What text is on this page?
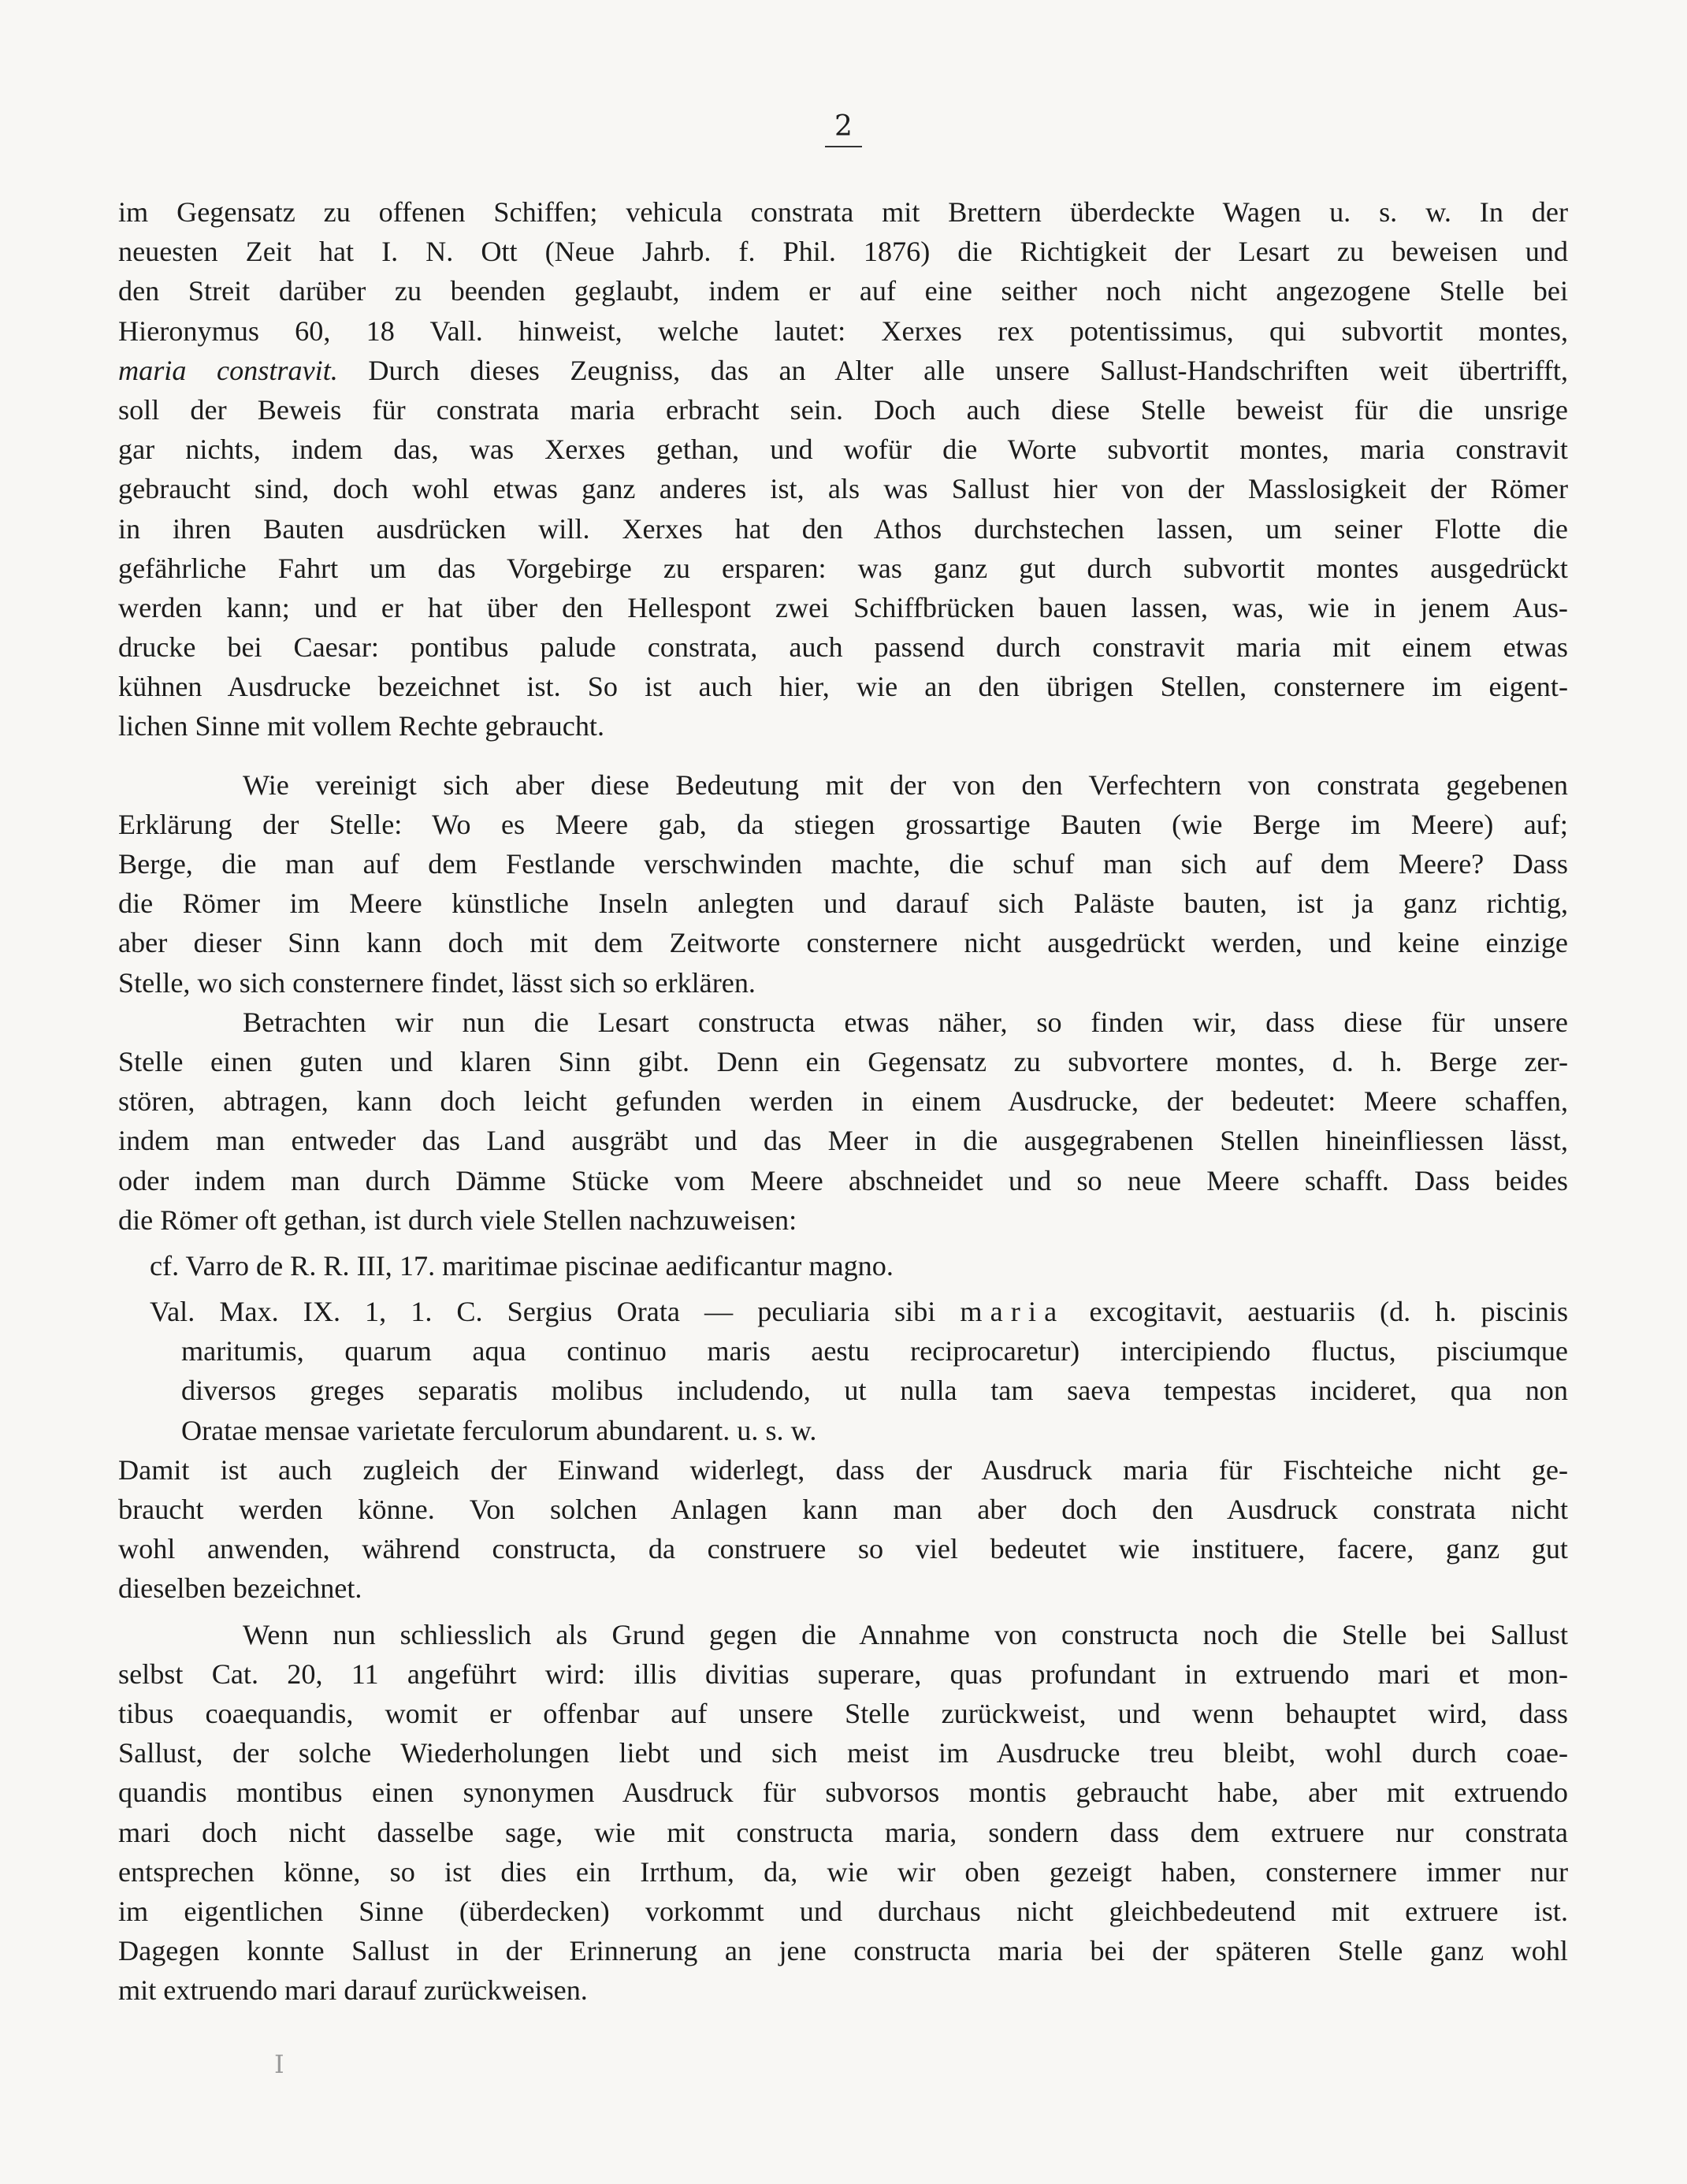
2
im Gegensatz zu offenen Schiffen; vehicula constrata mit Brettern überdeckte Wagen u. s. w. In der
neuesten Zeit hat I. N. Ott (Neue Jahrb. f. Phil. 1876) die Richtigkeit der Lesart zu beweisen und
den Streit darüber zu beenden geglaubt, indem er auf eine seither noch nicht angezogene Stelle bei
Hieronymus 60, 18 Vall. hinweist, welche lautet: Xerxes rex potentissimus, qui subvortit montes,
maria constravit. Durch dieses Zeugniss, das an Alter alle unsere Sallust-Handschriften weit übertrifft,
soll der Beweis für constrata maria erbracht sein. Doch auch diese Stelle beweist für die unsrige
gar nichts, indem das, was Xerxes gethan, und wofür die Worte subvortit montes, maria constravit
gebraucht sind, doch wohl etwas ganz anderes ist, als was Sallust hier von der Masslosigkeit der Römer
in ihren Bauten ausdrücken will. Xerxes hat den Athos durchstechen lassen, um seiner Flotte die
gefährliche Fahrt um das Vorgebirge zu ersparen: was ganz gut durch subvortit montes ausgedrückt
werden kann; und er hat über den Hellespont zwei Schiffbrücken bauen lassen, was, wie in jenem Aus-
drucke bei Caesar: pontibus palude constrata, auch passend durch constravit maria mit einem etwas
kühnen Ausdrucke bezeichnet ist. So ist auch hier, wie an den übrigen Stellen, consternere im eigent-
lichen Sinne mit vollem Rechte gebraucht.
Wie vereinigt sich aber diese Bedeutung mit der von den Verfechtern von constrata gegebenen
Erklärung der Stelle: Wo es Meere gab, da stiegen grossartige Bauten (wie Berge im Meere) auf;
Berge, die man auf dem Festlande verschwinden machte, die schuf man sich auf dem Meere? Dass
die Römer im Meere künstliche Inseln anlegten und darauf sich Paläste bauten, ist ja ganz richtig,
aber dieser Sinn kann doch mit dem Zeitworte consternere nicht ausgedrückt werden, und keine einzige
Stelle, wo sich consternere findet, lässt sich so erklären.
Betrachten wir nun die Lesart constructa etwas näher, so finden wir, dass diese für unsere
Stelle einen guten und klaren Sinn gibt. Denn ein Gegensatz zu subvortere montes, d. h. Berge zer-
stören, abtragen, kann doch leicht gefunden werden in einem Ausdrucke, der bedeutet: Meere schaffen,
indem man entweder das Land ausgräbt und das Meer in die ausgegrabenen Stellen hineinfliessen lässt,
oder indem man durch Dämme Stücke vom Meere abschneidet und so neue Meere schafft. Dass beides
die Römer oft gethan, ist durch viele Stellen nachzuweisen:
cf. Varro de R. R. III, 17. maritimae piscinae aedificantur magno.
Val. Max. IX. 1, 1. C. Sergius Orata — peculiaria sibi maria excogitavit, aestuariis (d. h. piscinis
maritumis, quarum aqua continuo maris aestu reciprocaretur) intercipiendo fluctus, pisciumque
diversos greges separatis molibus includendo, ut nulla tam saeva tempestas incideret, qua non
Oratae mensae varietate ferculorum abundarent. u. s. w.
Damit ist auch zugleich der Einwand widerlegt, dass der Ausdruck maria für Fischteiche nicht ge-
braucht werden könne. Von solchen Anlagen kann man aber doch den Ausdruck constrata nicht
wohl anwenden, während constructa, da construere so viel bedeutet wie instituere, facere, ganz gut
dieselben bezeichnet.
Wenn nun schliesslich als Grund gegen die Annahme von constructa noch die Stelle bei Sallust
selbst Cat. 20, 11 angeführt wird: illis divitias superare, quas profundant in extruendo mari et mon-
tibus coaequandis, womit er offenbar auf unsere Stelle zurückweist, und wenn behauptet wird, dass
Sallust, der solche Wiederholungen liebt und sich meist im Ausdrucke treu bleibt, wohl durch coae-
quandis montibus einen synonymen Ausdruck für subvorsos montis gebraucht habe, aber mit extruendo
mari doch nicht dasselbe sage, wie mit constructa maria, sondern dass dem extruere nur constrata
entsprechen könne, so ist dies ein Irrthum, da, wie wir oben gezeigt haben, consternere immer nur
im eigentlichen Sinne (überdecken) vorkommt und durchaus nicht gleichbedeutend mit extruere ist.
Dagegen konnte Sallust in der Erinnerung an jene constructa maria bei der späteren Stelle ganz wohl
mit extruendo mari darauf zurückweisen.
I
